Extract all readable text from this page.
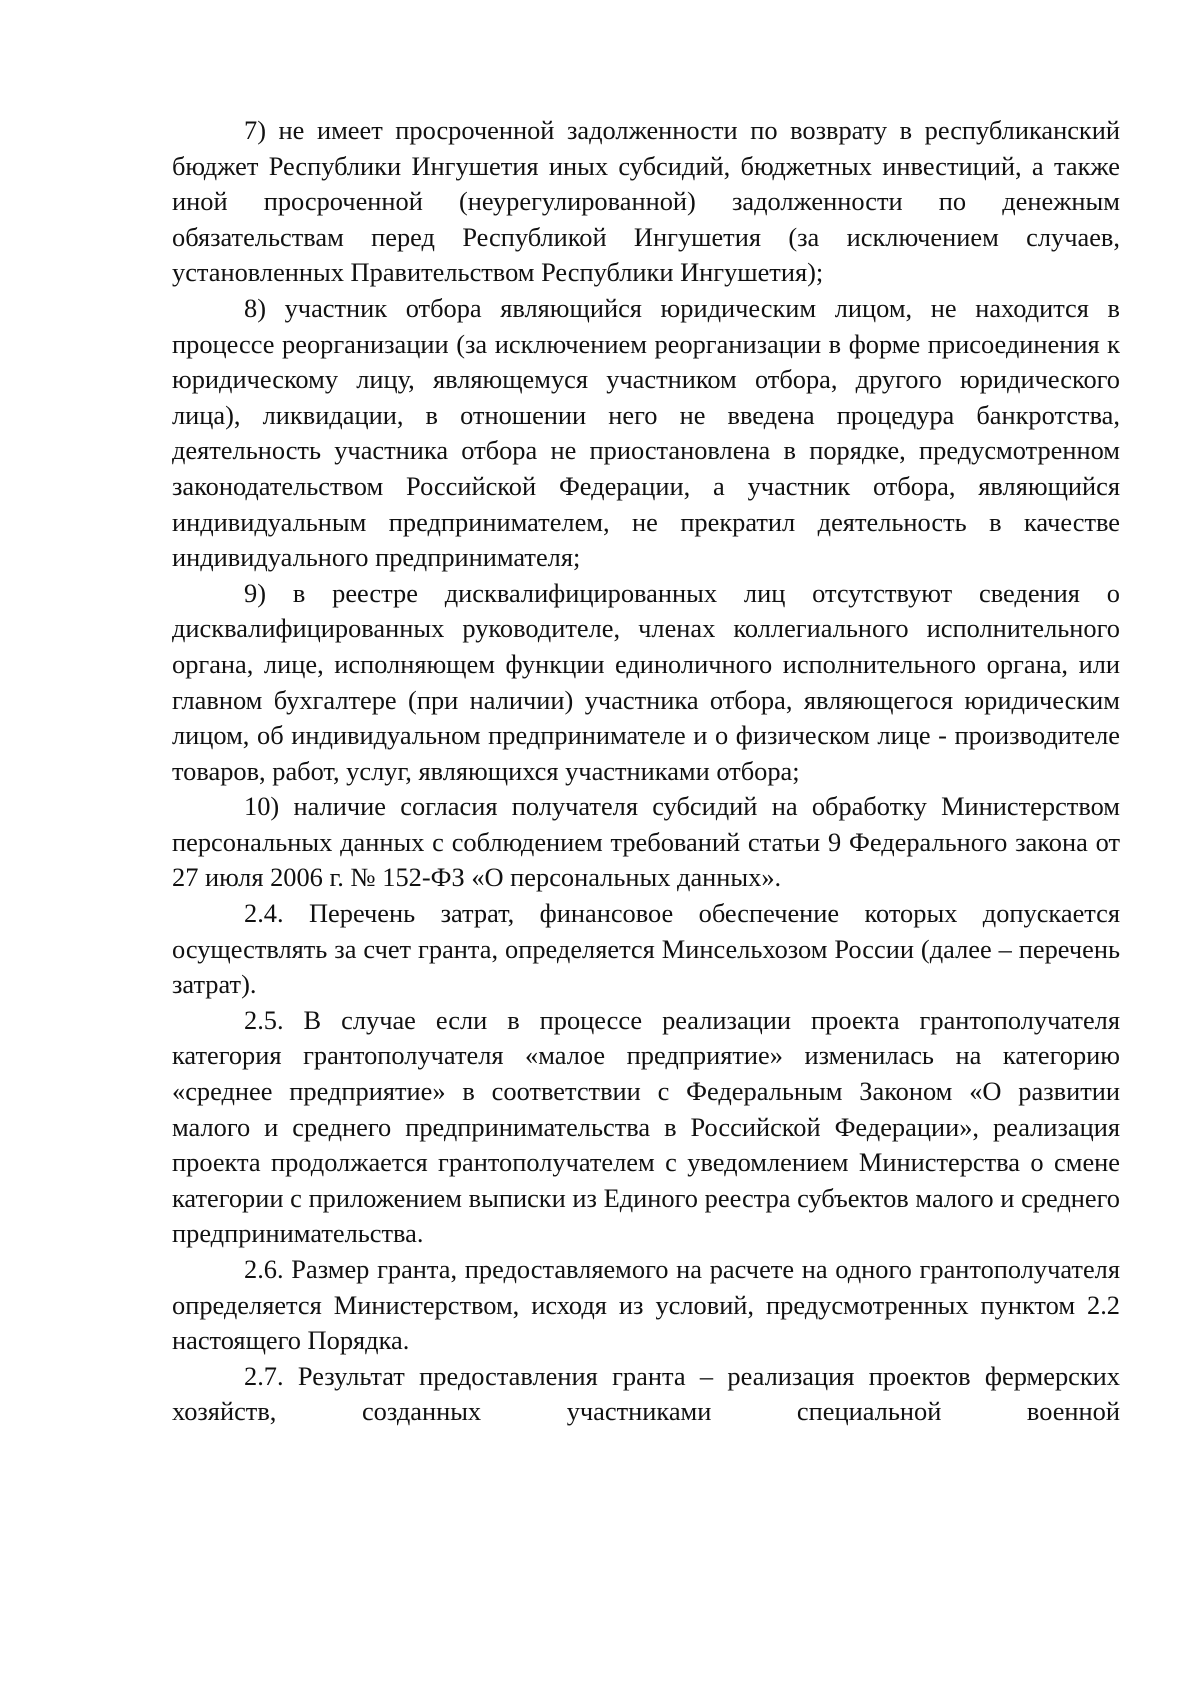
7) не имеет просроченной задолженности по возврату в республиканский бюджет Республики Ингушетия иных субсидий, бюджетных инвестиций, а также иной просроченной (неурегулированной) задолженности по денежным обязательствам перед Республикой Ингушетия (за исключением случаев, установленных Правительством Республики Ингушетия);

8) участник отбора являющийся юридическим лицом, не находится в процессе реорганизации (за исключением реорганизации в форме присоединения к юридическому лицу, являющемуся участником отбора, другого юридического лица), ликвидации, в отношении него не введена процедура банкротства, деятельность участника отбора не приостановлена в порядке, предусмотренном законодательством Российской Федерации, а участник отбора, являющийся индивидуальным предпринимателем, не прекратил деятельность в качестве индивидуального предпринимателя;

9) в реестре дисквалифицированных лиц отсутствуют сведения о дисквалифицированных руководителе, членах коллегиального исполнительного органа, лице, исполняющем функции единоличного исполнительного органа, или главном бухгалтере (при наличии) участника отбора, являющегося юридическим лицом, об индивидуальном предпринимателе и о физическом лице - производителе товаров, работ, услуг, являющихся участниками отбора;

10) наличие согласия получателя субсидий на обработку Министерством персональных данных с соблюдением требований статьи 9 Федерального закона от 27 июля 2006 г. № 152-ФЗ «О персональных данных».

2.4. Перечень затрат, финансовое обеспечение которых допускается осуществлять за счет гранта, определяется Минсельхозом России (далее – перечень затрат).

2.5. В случае если в процессе реализации проекта грантополучателя категория грантополучателя «малое предприятие» изменилась на категорию «среднее предприятие» в соответствии с Федеральным Законом «О развитии малого и среднего предпринимательства в Российской Федерации», реализация проекта продолжается грантополучателем с уведомлением Министерства о смене категории с приложением выписки из Единого реестра субъектов малого и среднего предпринимательства.

2.6. Размер гранта, предоставляемого на расчете на одного грантополучателя определяется Министерством, исходя из условий, предусмотренных пунктом 2.2 настоящего Порядка.

2.7. Результат предоставления гранта – реализация проектов фермерских хозяйств, созданных участниками специальной военной
